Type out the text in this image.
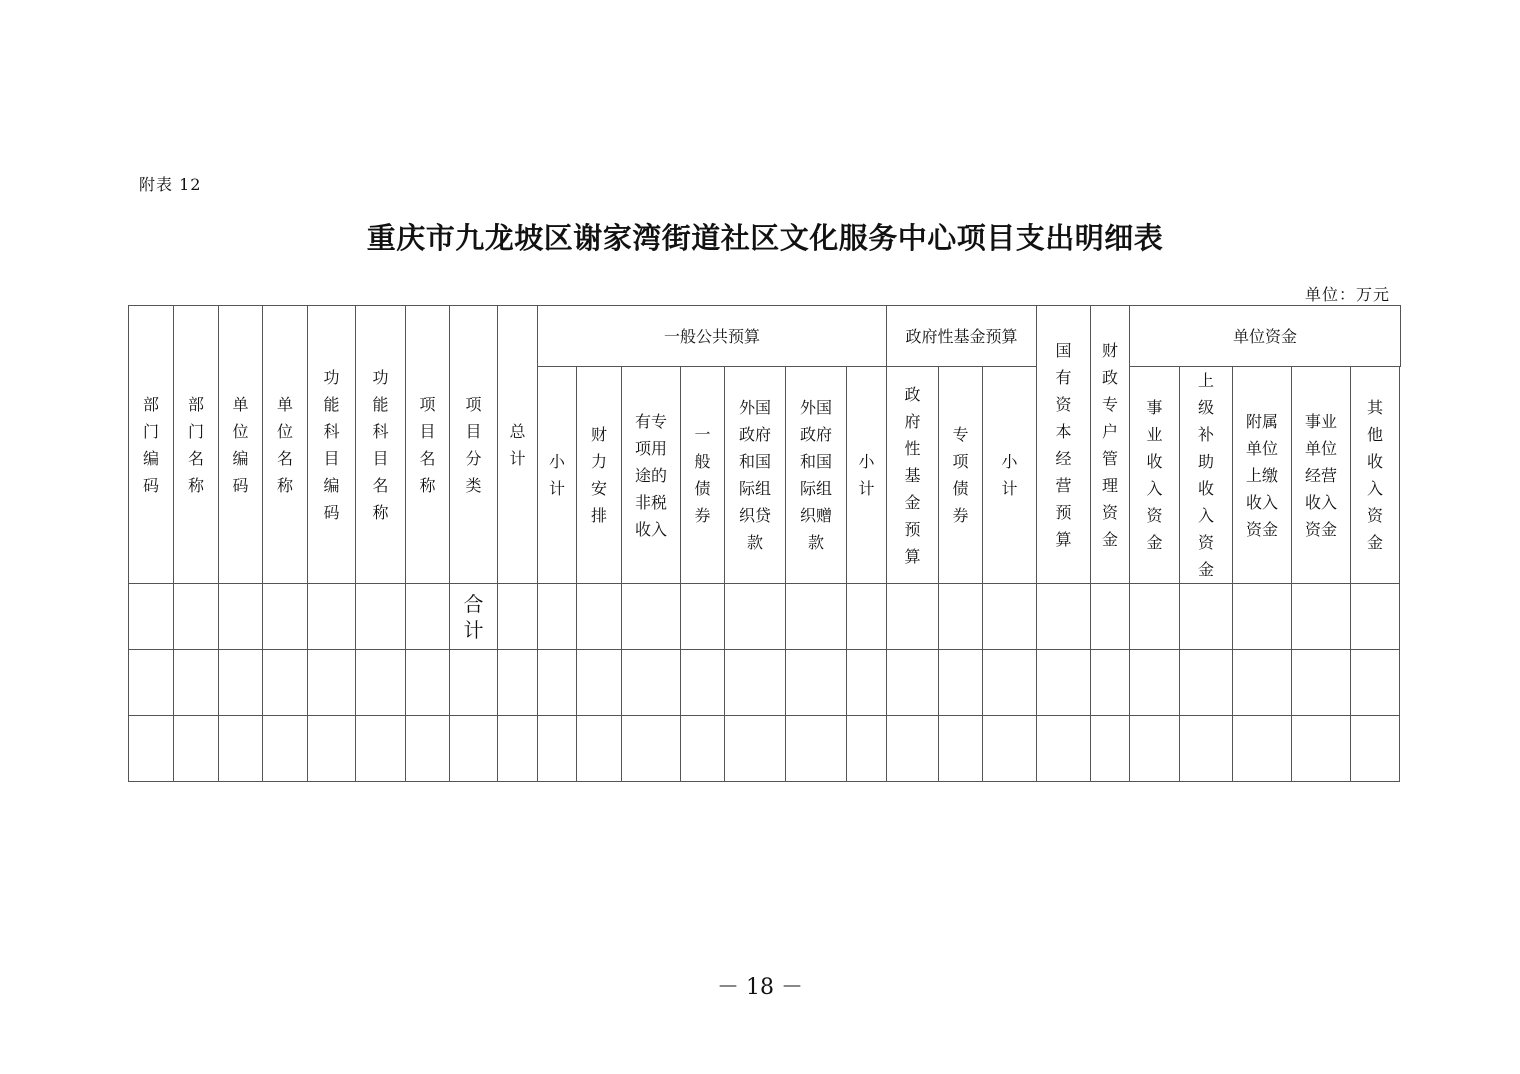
附表 12
重庆市九龙坡区谢家湾街道社区文化服务中心项目支出明细表
单位：万元
部门编码	部门名称	单位编码	单位名称	功能科目编码	功能科目名称	项目名称	项目分类	总计	一般公共预算							政府性基金预算			国有资本经营预算	财政专户管理资金	单位资金				
									小计	财力安排	有专项用途的非税收入	一般债券	外国政府和国际组织贷款	外国政府和国际组织赠款	小计	政府性基金预算	专项债券	小计			事业收入资金	上级补助收入资金	附属单位上缴收入资金	事业单位经营收入资金	其他收入资金
							合计																		

－ 18 －
